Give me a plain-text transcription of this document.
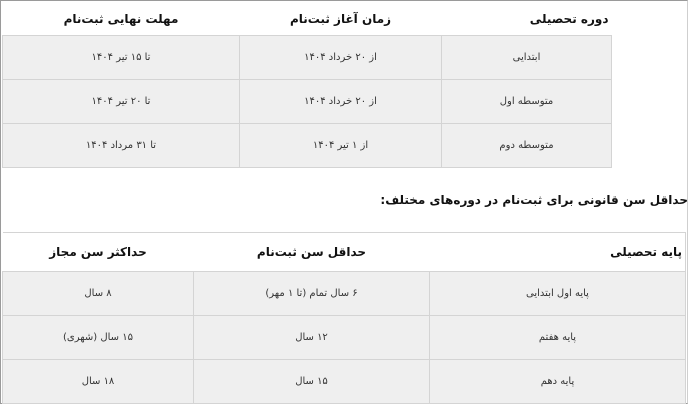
دوره تحصیلی	زمان آغاز ثبت‌نام	مهلت نهایی ثبت‌نام
ابتدایی	از ۲۰ خرداد ۱۴۰۴	تا ۱۵ تیر ۱۴۰۴
متوسطه اول	از ۲۰ خرداد ۱۴۰۴	تا ۲۰ تیر ۱۴۰۴
متوسطه دوم	از ۱ تیر ۱۴۰۴	تا ۳۱ مرداد ۱۴۰۴
حداقل سن قانونی برای ثبت‌نام در دوره‌های مختلف:
پایه تحصیلی	حداقل سن ثبت‌نام	حداکثر سن مجاز
پایه اول ابتدایی	۶ سال تمام (تا ۱ مهر)	۸ سال
پایه هفتم	۱۲ سال	۱۵ سال (شهری)
پایه دهم	۱۵ سال	۱۸ سال
